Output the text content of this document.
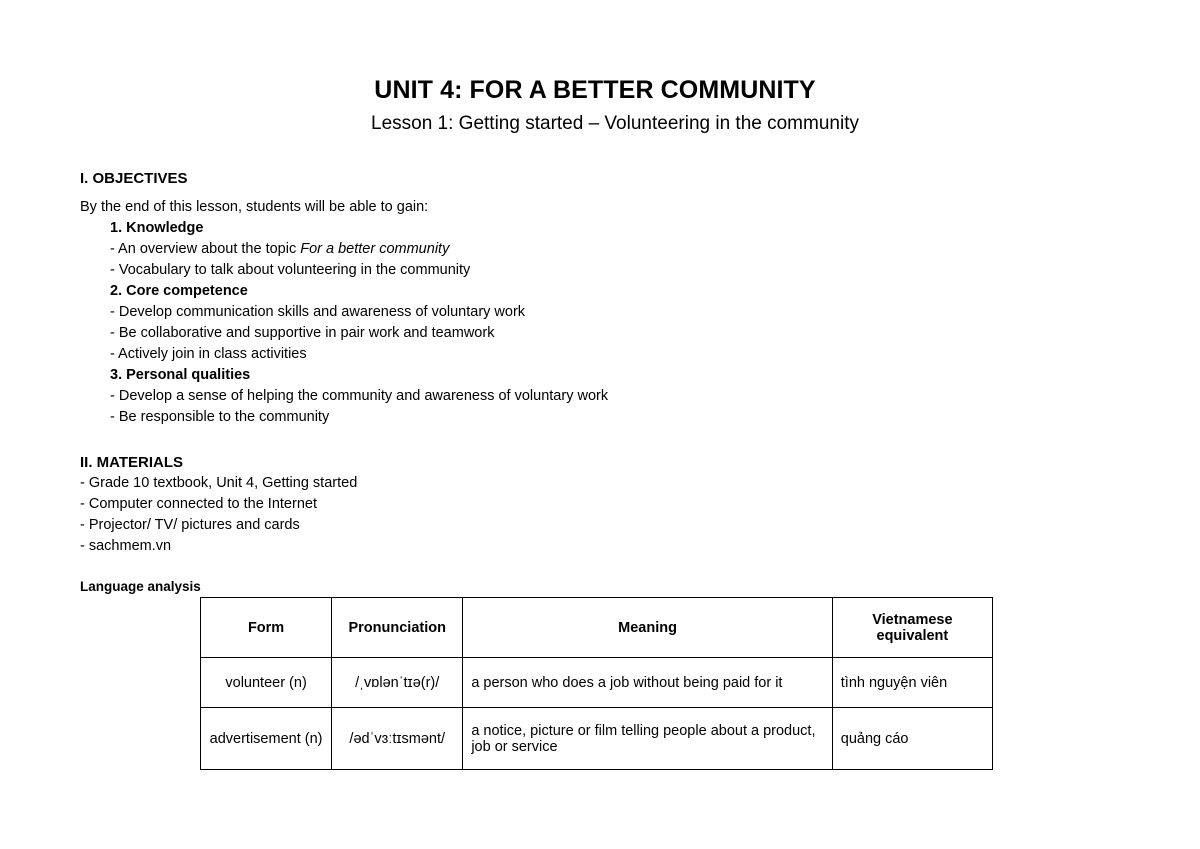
UNIT 4: FOR A BETTER COMMUNITY
Lesson 1: Getting started – Volunteering in the community
I. OBJECTIVES
By the end of this lesson, students will be able to gain:
1. Knowledge
- An overview about the topic For a better community
- Vocabulary to talk about volunteering in the community
2. Core competence
- Develop communication skills and awareness of voluntary work
- Be collaborative and supportive in pair work and teamwork
- Actively join in class activities
3. Personal qualities
- Develop a sense of helping the community and awareness of voluntary work
- Be responsible to the community
II. MATERIALS
- Grade 10 textbook, Unit 4, Getting started
- Computer connected to the Internet
- Projector/ TV/ pictures and cards
- sachmem.vn
Language analysis
Form	Pronunciation	Meaning	Vietnamese equivalent
volunteer (n)	/ˌvɒlənˈtɪə(r)/	a person who does a job without being paid for it	tình nguyện viên
advertisement (n)	/ədˈvɜːtɪsmənt/	a notice, picture or film telling people about a product, job or service	quảng cáo
